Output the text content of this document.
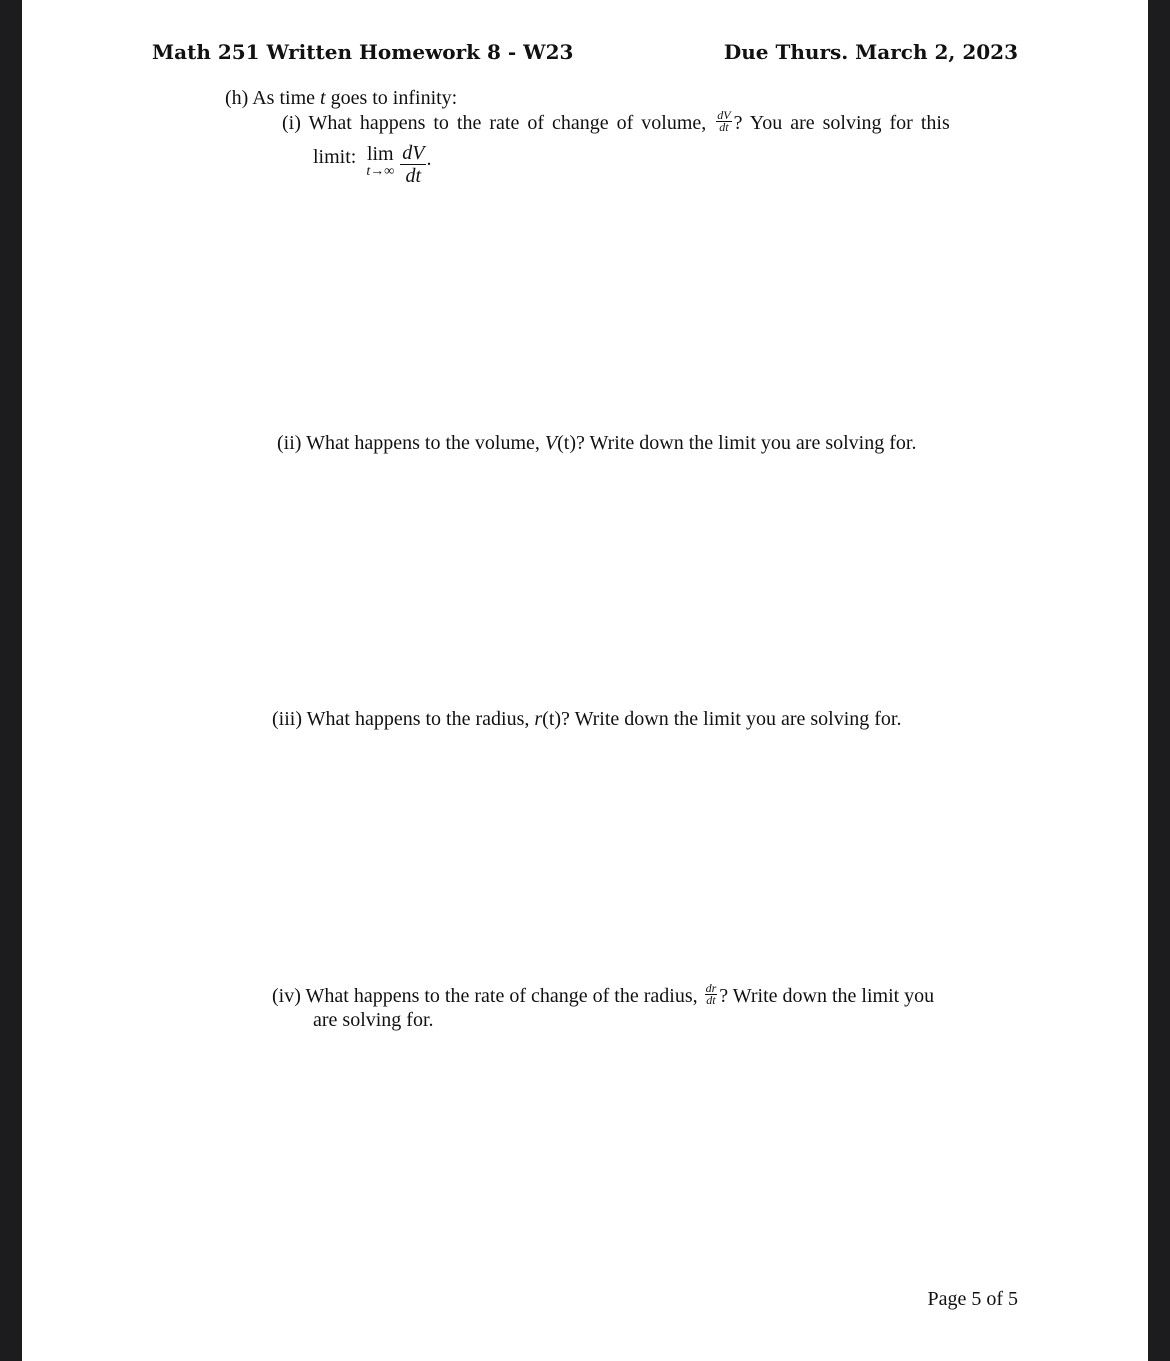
Math 251 Written Homework 8 - W23	Due Thurs. March 2, 2023
(h) As time t goes to infinity:
(i) What happens to the rate of change of volume, $\frac{dV}{dt}$ ? You are solving for this
limit: lim
$t\to\infty \frac{dV}{dt}$ .
(ii) What happens to the volume, V(t)? Write down the limit you are solving for.
(iii) What happens to the radius, r(t)? Write down the limit you are solving for.
(iv) What happens to the rate of change of the radius, $\frac{dr}{dt}$ ? Write down the limit you
are solving for.
Page 5 of 5
